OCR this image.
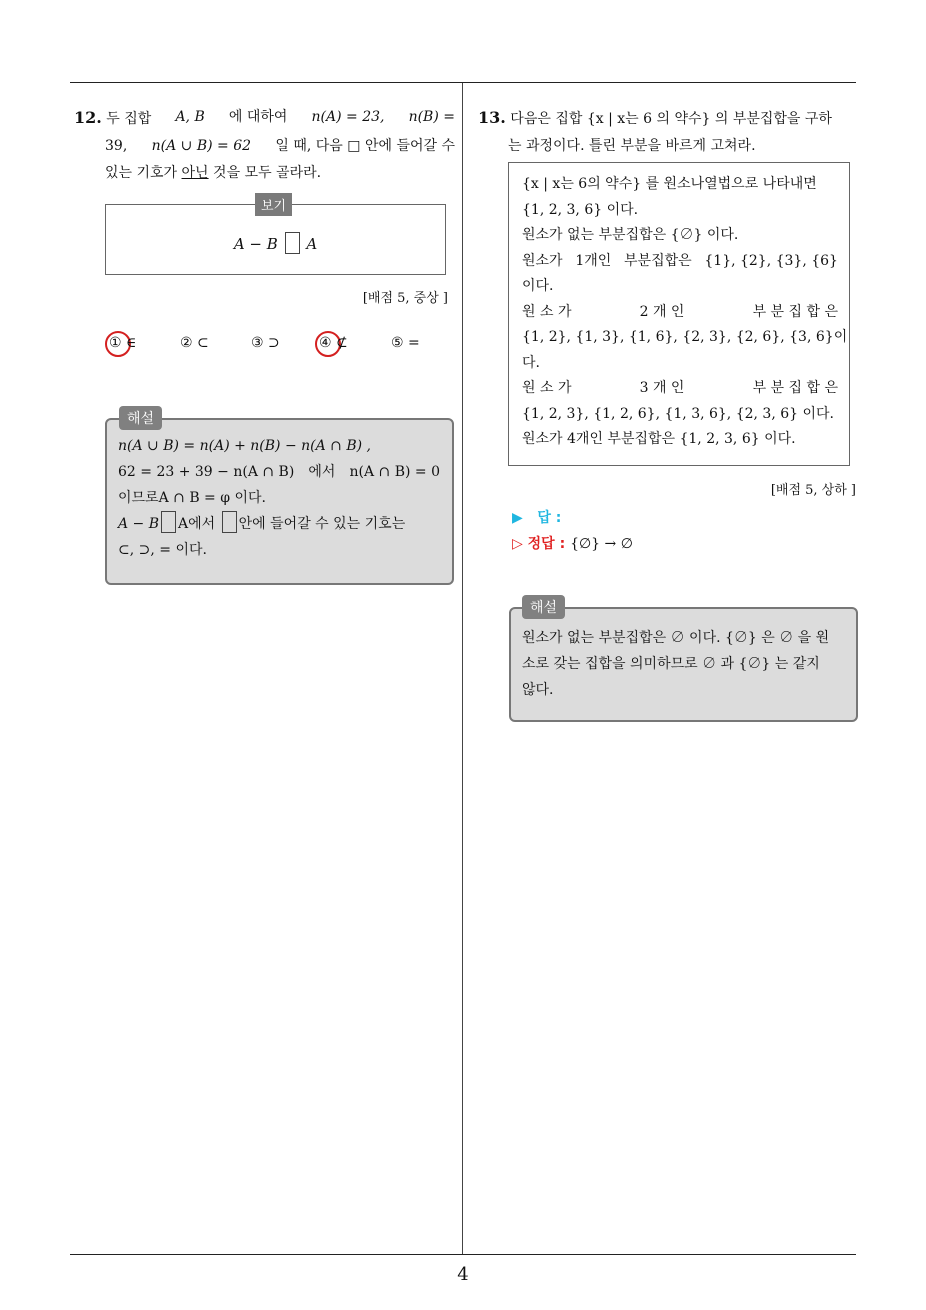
4
12. 두 집합 A, B 에 대하여 n(A) = 23, n(B) =
39, n(A ∪ B) = 62 일 때, 다음 □ 안에 들어갈 수
있는 기호가 아닌 것을 모두 골라라.
보기
A − B A
[배점 5, 중상 ]
① ∈	② ⊂	③ ⊃	④ ⊄	⑤ =
해설
n(A ∪ B) = n(A) + n(B) − n(A ∩ B) ,
62 = 23 + 39 − n(A ∩ B) 에서 n(A ∩ B) = 0
이므로A ∩ B = φ 이다.
A − B A에서 안에 들어갈 수 있는 기호는
⊂, ⊃, = 이다.
13. 다음은 집합 {x | x는 6 의 약수} 의 부분집합을 구하
는 과정이다. 틀린 부분을 바르게 고쳐라.
{x | x는 6의 약수} 를 원소나열법으로 나타내면
{1, 2, 3, 6} 이다.
원소가 없는 부분집합은 {∅} 이다.
원소가 1개인 부분집합은 {1}, {2}, {3}, {6}
이다.
원 소 가	2 개 인	부 분 집 합 은
{1, 2}, {1, 3}, {1, 6}, {2, 3}, {2, 6}, {3, 6} 이
다.
원 소 가	3 개 인	부 분 집 합 은
{1, 2, 3}, {1, 2, 6}, {1, 3, 6}, {2, 3, 6} 이다.
원소가 4개인 부분집합은 {1, 2, 3, 6} 이다.
[배점 5, 상하 ]
▶ 답 :
▷ 정답 : {∅} → ∅
해설
원소가 없는 부분집합은 ∅ 이다. {∅} 은 ∅ 을 원
소로 갖는 집합을 의미하므로 ∅ 과 {∅} 는 같지
않다.
